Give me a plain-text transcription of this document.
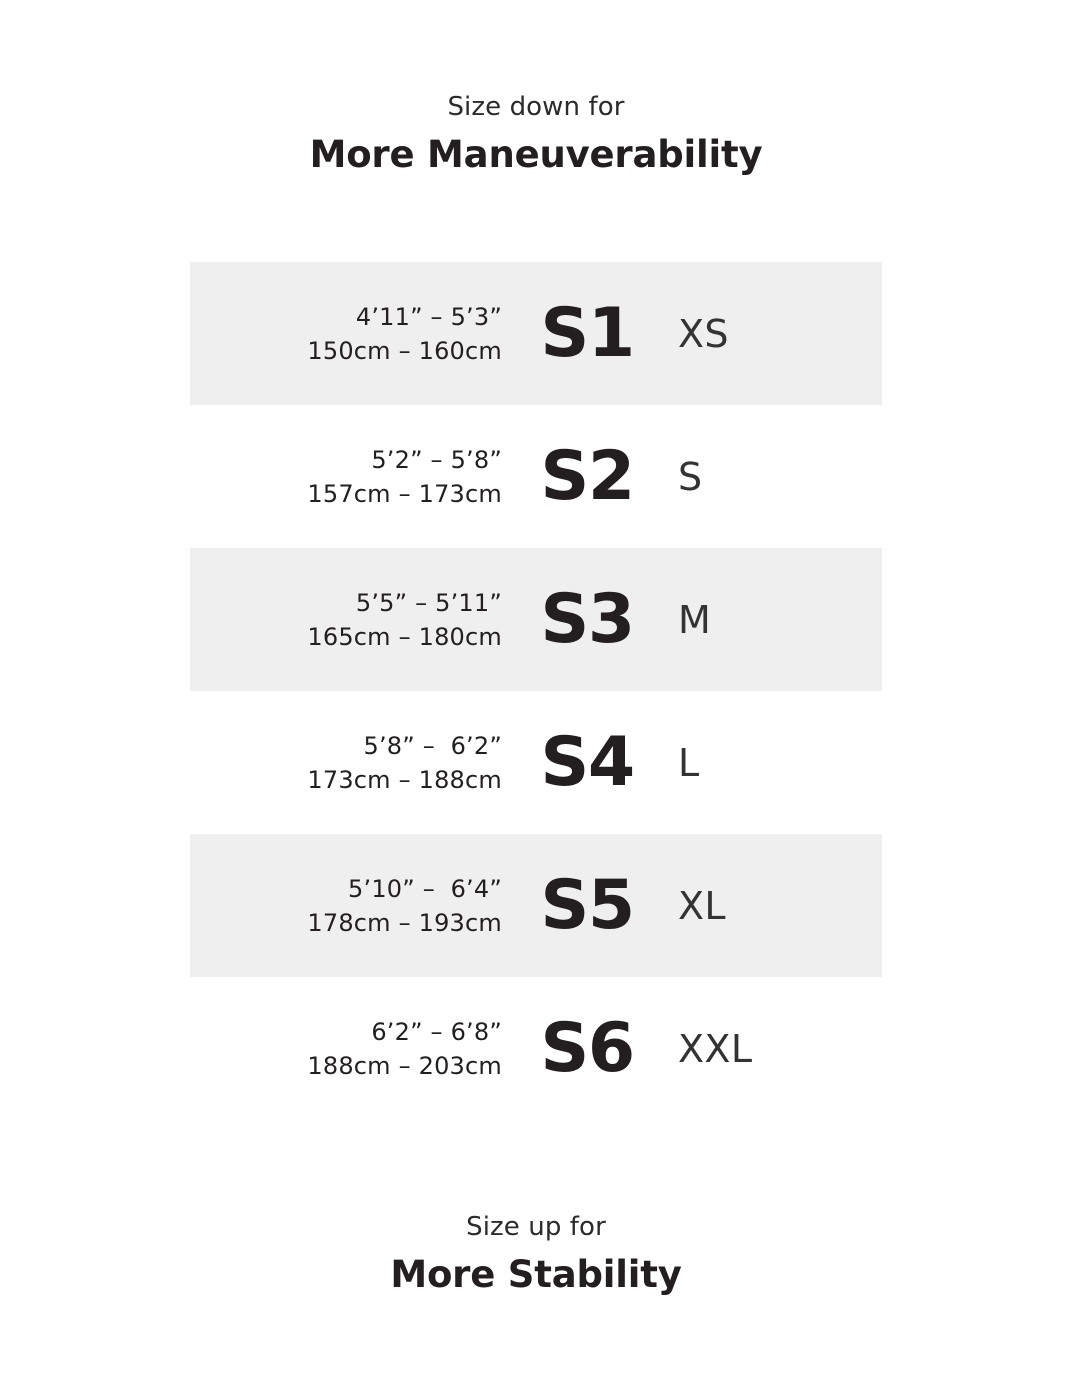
Size down for
More Maneuverability
4’11” – 5’3”
150cm – 160cm S1	XS
5’2” – 5’8”
157cm – 173cm S2	S
5’5” – 5’11”
165cm – 180cm S3	M
5’8” –  6’2”
173cm – 188cm S4	L
5’10” –  6’4”
178cm – 193cm S5	XL
6’2” – 6’8”
188cm – 203cm S6	XXL
Size up for
More Stability
